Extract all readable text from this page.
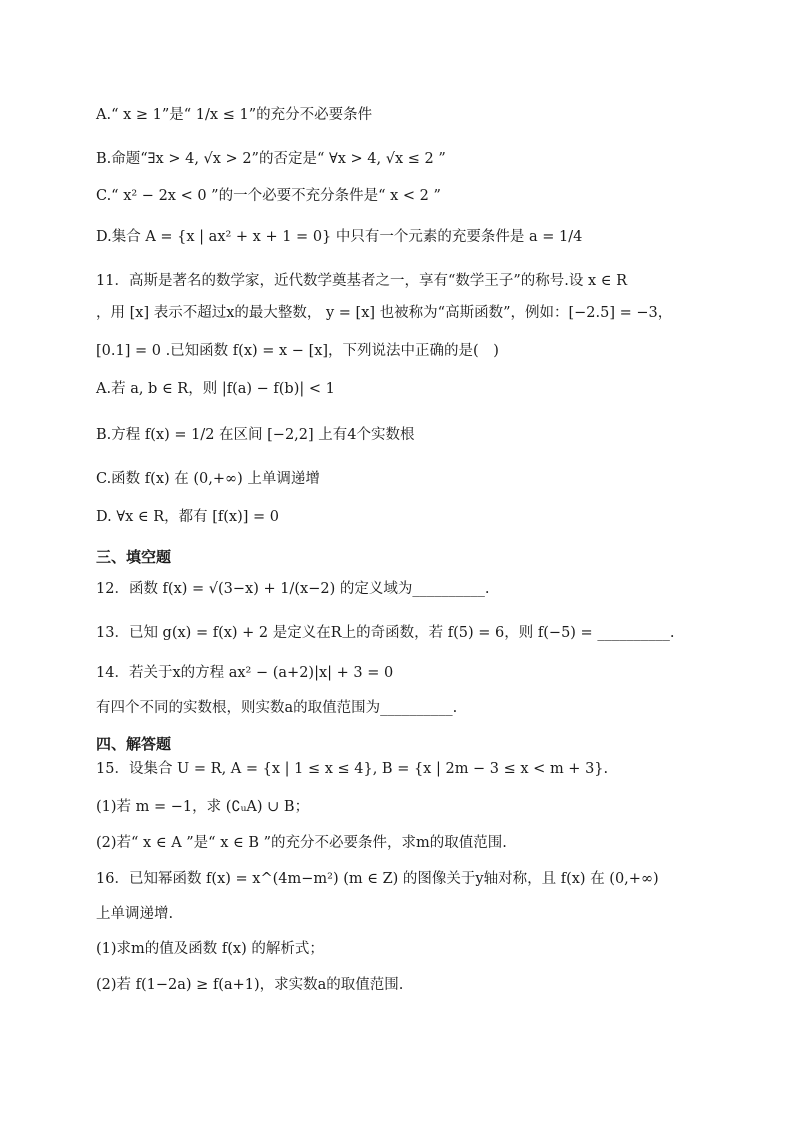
A.“ x ≥ 1”是“ 1/x ≤ 1”的充分不必要条件
B.命题“∃x > 4, √x > 2”的否定是“ ∀x > 4, √x ≤ 2 ”
C.“ x² − 2x < 0 ”的一个必要不充分条件是“ x < 2 ”
D.集合 A = {x | ax² + x + 1 = 0} 中只有一个元素的充要条件是 a = 1/4
11．高斯是著名的数学家，近代数学奠基者之一，享有“数学王子”的称号.设 x ∈ R
，用 [x] 表示不超过x的最大整数， y = [x] 也被称为“高斯函数”，例如：[−2.5] = −3，
[0.1] = 0 .已知函数 f(x) = x − [x]，下列说法中正确的是(　)
A.若 a, b ∈ R，则 |f(a) − f(b)| < 1
B.方程 f(x) = 1/2 在区间 [−2,2] 上有4个实数根
C.函数 f(x) 在 (0,+∞) 上单调递增
D. ∀x ∈ R，都有 [f(x)] = 0
三、填空题
12．函数 f(x) = √(3−x) + 1/(x−2) 的定义域为__________.
13．已知 g(x) = f(x) + 2 是定义在R上的奇函数，若 f(5) = 6，则 f(−5) = __________.
14．若关于x的方程 ax² − (a+2)|x| + 3 = 0
有四个不同的实数根，则实数a的取值范围为__________.
四、解答题
15．设集合 U = R, A = {x | 1 ≤ x ≤ 4}, B = {x | 2m − 3 ≤ x < m + 3}.
(1)若 m = −1，求 (∁ᵤA) ∪ B；
(2)若“ x ∈ A ”是“ x ∈ B ”的充分不必要条件，求m的取值范围.
16．已知幂函数 f(x) = x^(4m−m²) (m ∈ Z) 的图像关于y轴对称，且 f(x) 在 (0,+∞)
上单调递增.
(1)求m的值及函数 f(x) 的解析式；
(2)若 f(1−2a) ≥ f(a+1)，求实数a的取值范围.
